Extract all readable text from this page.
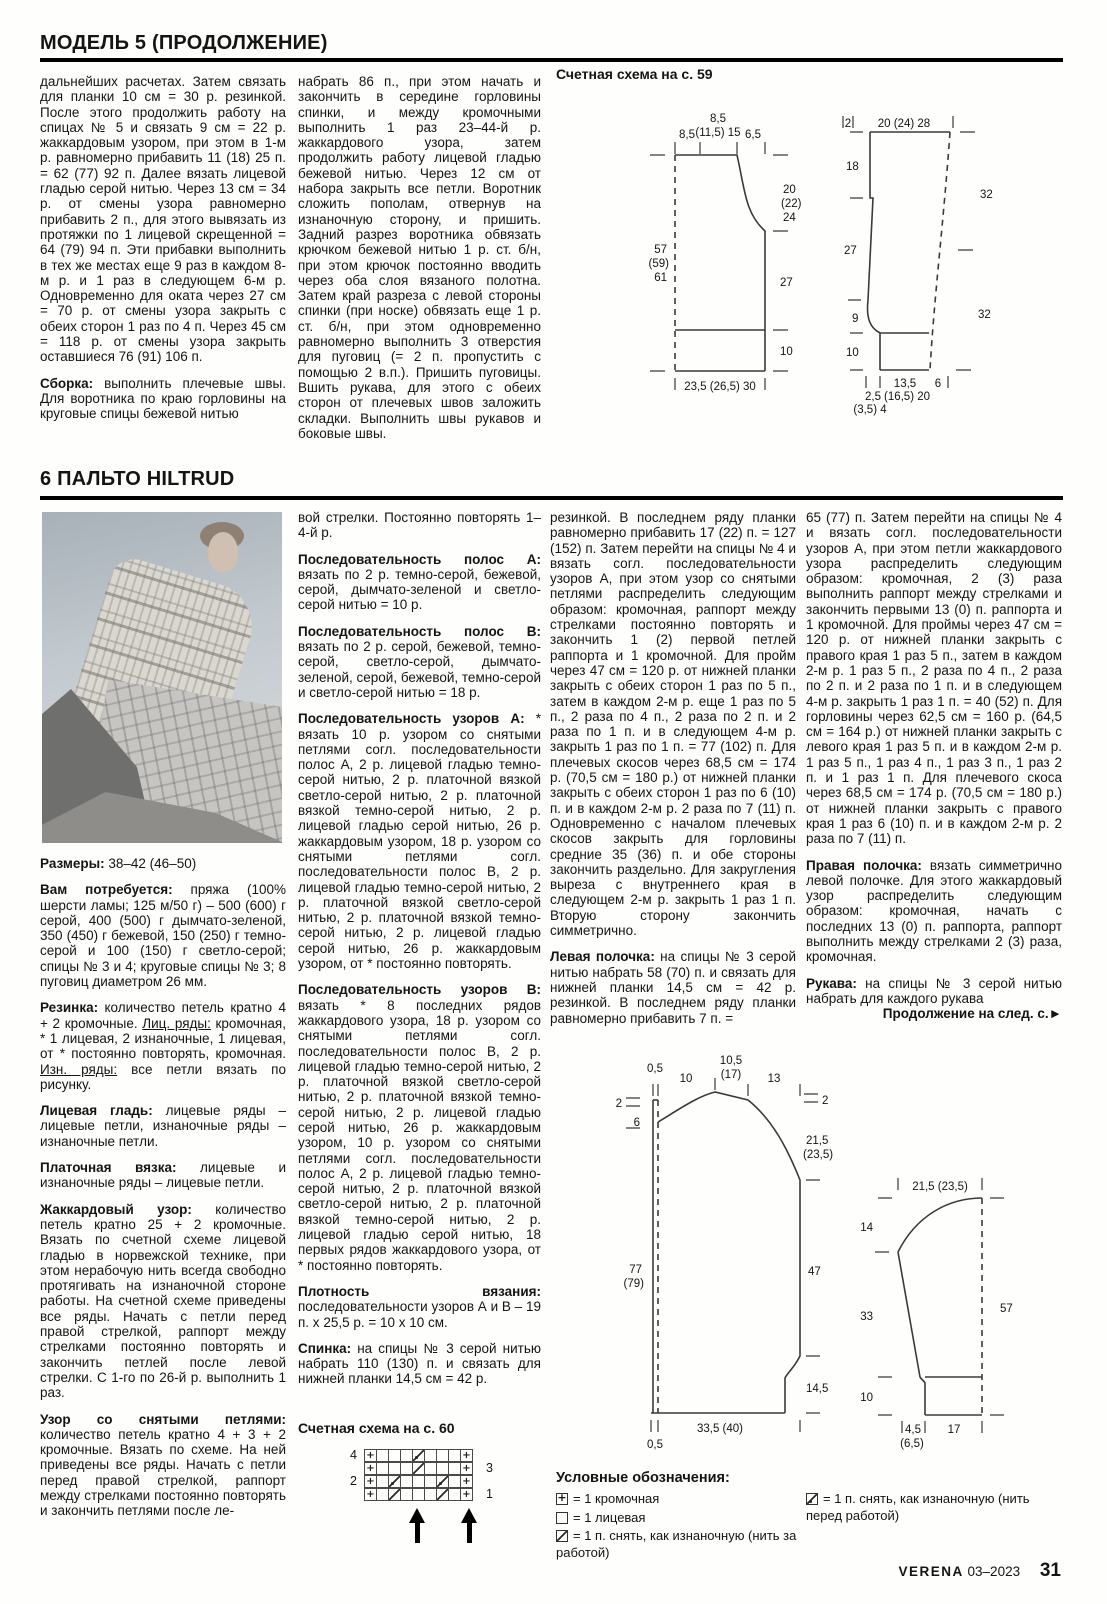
МОДЕЛЬ 5 (ПРОДОЛЖЕНИЕ)

дальнейших расчетах. Затем связать для планки 10 см = 30 р. резинкой. После этого продолжить работу на спицах № 5 и связать 9 см = 22 р. жаккардовым узором, при этом в 1-м р. равномерно прибавить 11 (18) 25 п. = 62 (77) 92 п. Далее вязать лицевой гладью серой нитью. Через 13 см = 34 р. от смены узора равномерно прибавить 2 п., для этого вывязать из протяжки по 1 лицевой скрещенной = 64 (79) 94 п. Эти прибавки выполнить в тех же местах еще 9 раз в каждом 8-м р. и 1 раз в следующем 6-м р. Одновременно для оката через 27 см = 70 р. от смены узора закрыть с обеих сторон 1 раз по 4 п. Через 45 см = 118 р. от смены узора закрыть оставшиеся 76 (91) 106 п.

Сборка: выполнить плечевые швы. Для воротника по краю горловины на круговые спицы бежевой нитью

набрать 86 п., при этом начать и закончить в середине горловины спинки, и между кромочными выполнить 1 раз 23–44-й р. жаккардового узора, затем продолжить работу лицевой гладью бежевой нитью. Через 12 см от набора закрыть все петли. Воротник сложить пополам, отвернув на изнаночную сторону, и пришить. Задний разрез воротника обвязать крючком бежевой нитью 1 р. ст. б/н, при этом крючок постоянно вводить через оба слоя вязаного полотна. Затем край разреза с левой стороны спинки (при носке) обвязать еще 1 р. ст. б/н, при этом одновременно равномерно выполнить 3 отверстия для пуговиц (= 2 п. пропустить с помощью 2 в.п.). Пришить пуговицы. Вшить рукава, для этого с обеих сторон от плечевых швов заложить складки. Выполнить швы рукавов и боковые швы.

Счетная схема на с. 59
8,5
8,5
(11,5) 15 6,5
20
(22)
24
27
10
57
(59)
61
23,5 (26,5) 30
2 20 (24) 28
18
27
9
10
32
32
2,5
(3,5) 4
13,5
(16,5) 20
6
6 ПАЛЬТО HILTRUD

Размеры: 38–42 (46–50)

Вам потребуется: пряжа (100% шерсти ламы; 125 м/50 г) – 500 (600) г серой, 400 (500) г дымчато-зеленой, 350 (450) г бежевой, 150 (250) г темно-серой и 100 (150) г светло-серой; спицы № 3 и 4; круговые спицы № 3; 8 пуговиц диаметром 26 мм.

Резинка: количество петель кратно 4 + 2 кромочные. Лиц. ряды: кромочная, * 1 лицевая, 2 изнаночные, 1 лицевая, от * постоянно повторять, кромочная. Изн. ряды: все петли вязать по рисунку.

Лицевая гладь: лицевые ряды – лицевые петли, изнаночные ряды – изнаночные петли.

Платочная вязка: лицевые и изнаночные ряды – лицевые петли.

Жаккардовый узор: количество петель кратно 25 + 2 кромочные. Вязать по счетной схеме лицевой гладью в норвежской технике, при этом нерабочую нить всегда свободно протягивать на изнаночной стороне работы. На счетной схеме приведены все ряды. Начать с петли перед правой стрелкой, раппорт между стрелками постоянно повторять и закончить петлей после левой стрелки. С 1-го по 26-й р. выполнить 1 раз.

Узор со снятыми петлями: количество петель кратно 4 + 3 + 2 кромочные. Вязать по схеме. На ней приведены все ряды. Начать с петли перед правой стрелкой, раппорт между стрелками постоянно повторять и закончить петлями после ле-

вой стрелки. Постоянно повторять 1–4-й р.

Последовательность полос А: вязать по 2 р. темно-серой, бежевой, серой, дымчато-зеленой и светло-серой нитью = 10 р.

Последовательность полос В: вязать по 2 р. серой, бежевой, темно-серой, светло-серой, дымчато-зеленой, серой, бежевой, темно-серой и светло-серой нитью = 18 р.

Последовательность узоров А: * вязать 10 р. узором со снятыми петлями согл. последовательности полос А, 2 р. лицевой гладью темно-серой нитью, 2 р. платочной вязкой светло-серой нитью, 2 р. платочной вязкой темно-серой нитью, 2 р. лицевой гладью серой нитью, 26 р. жаккардовым узором, 18 р. узором со снятыми петлями согл. последовательности полос В, 2 р. лицевой гладью темно-серой нитью, 2 р. платочной вязкой светло-серой нитью, 2 р. платочной вязкой темно-серой нитью, 2 р. лицевой гладью серой нитью, 26 р. жаккардовым узором, от * постоянно повторять.

Последовательность узоров В: вязать * 8 последних рядов жаккардового узора, 18 р. узором со снятыми петлями согл. последовательности полос В, 2 р. лицевой гладью темно-серой нитью, 2 р. платочной вязкой светло-серой нитью, 2 р. платочной вязкой темно-серой нитью, 2 р. лицевой гладью серой нитью, 26 р. жаккардовым узором, 10 р. узором со снятыми петлями согл. последовательности полос А, 2 р. лицевой гладью темно-серой нитью, 2 р. платочной вязкой светло-серой нитью, 2 р. платочной вязкой темно-серой нитью, 2 р. лицевой гладью серой нитью, 18 первых рядов жаккардового узора, от * постоянно повторять.

Плотность вязания: последовательности узоров А и В – 19 п. х 25,5 р. = 10 х 10 см.

Спинка: на спицы № 3 серой нитью набрать 110 (130) п. и связать для нижней планки 14,5 см = 42 р.

Счетная схема на с. 60
+
+
+
+
+
+
+
+
4
3
2
1

резинкой. В последнем ряду планки равномерно прибавить 17 (22) п. = 127 (152) п. Затем перейти на спицы № 4 и вязать согл. последовательности узоров А, при этом узор со снятыми петлями распределить следующим образом: кромочная, раппорт между стрелками постоянно повторять и закончить 1 (2) первой петлей раппорта и 1 кромочной. Для пройм через 47 см = 120 р. от нижней планки закрыть с обеих сторон 1 раз по 5 п., затем в каждом 2-м р. еще 1 раз по 5 п., 2 раза по 4 п., 2 раза по 2 п. и 2 раза по 1 п. и в следующем 4-м р. закрыть 1 раз по 1 п. = 77 (102) п. Для плечевых скосов через 68,5 см = 174 р. (70,5 см = 180 р.) от нижней планки закрыть с обеих сторон 1 раз по 6 (10) п. и в каждом 2-м р. 2 раза по 7 (11) п. Одновременно с началом плечевых скосов закрыть для горловины средние 35 (36) п. и обе стороны закончить раздельно. Для закругления выреза с внутреннего края в следующем 2-м р. закрыть 1 раз 1 п. Вторую сторону закончить симметрично.

Левая полочка: на спицы № 3 серой нитью набрать 58 (70) п. и связать для нижней планки 14,5 см = 42 р. резинкой. В последнем ряду планки равномерно прибавить 7 п. =

65 (77) п. Затем перейти на спицы № 4 и вязать согл. последовательности узоров А, при этом петли жаккардового узора распределить следующим образом: кромочная, 2 (3) раза выполнить раппорт между стрелками и закончить первыми 13 (0) п. раппорта и 1 кромочной. Для проймы через 47 см = 120 р. от нижней планки закрыть с правого края 1 раз 5 п., затем в каждом 2-м р. 1 раз 5 п., 2 раза по 4 п., 2 раза по 2 п. и 2 раза по 1 п. и в следующем 4-м р. закрыть 1 раз 1 п. = 40 (52) п. Для горловины через 62,5 см = 160 р. (64,5 см = 164 р.) от нижней планки закрыть с левого края 1 раз 5 п. и в каждом 2-м р. 1 раз 5 п., 1 раз 4 п., 1 раз 3 п., 1 раз 2 п. и 1 раз 1 п. Для плечевого скоса через 68,5 см = 174 р. (70,5 см = 180 р.) от нижней планки закрыть с правого края 1 раз 6 (10) п. и в каждом 2-м р. 2 раза по 7 (11) п.

Правая полочка: вязать симметрично левой полочке. Для этого жаккардовый узор распределить следующим образом: кромочная, начать с последних 13 (0) п. раппорта, раппорт выполнить между стрелками 2 (3) раза, кромочная.

Рукава: на спицы № 3 серой нитью набрать для каждого рукава

Продолжение на след. с.►
0,5
10
10,5
(17) 13
2
6
77
(79)
2
21,5
(23,5)
47
14,5
33,5 (40)
0,5
21,5 (23,5)
14
33
10
57
4,5
(6,5)
17
Условные обозначения:
+= 1 кромочная
= 1 лицевая
= 1 п. снять, как изнаночную (нить за работой)
= 1 п. снять, как изнаночную (нить перед работой)
VERENA 03–2023 31
